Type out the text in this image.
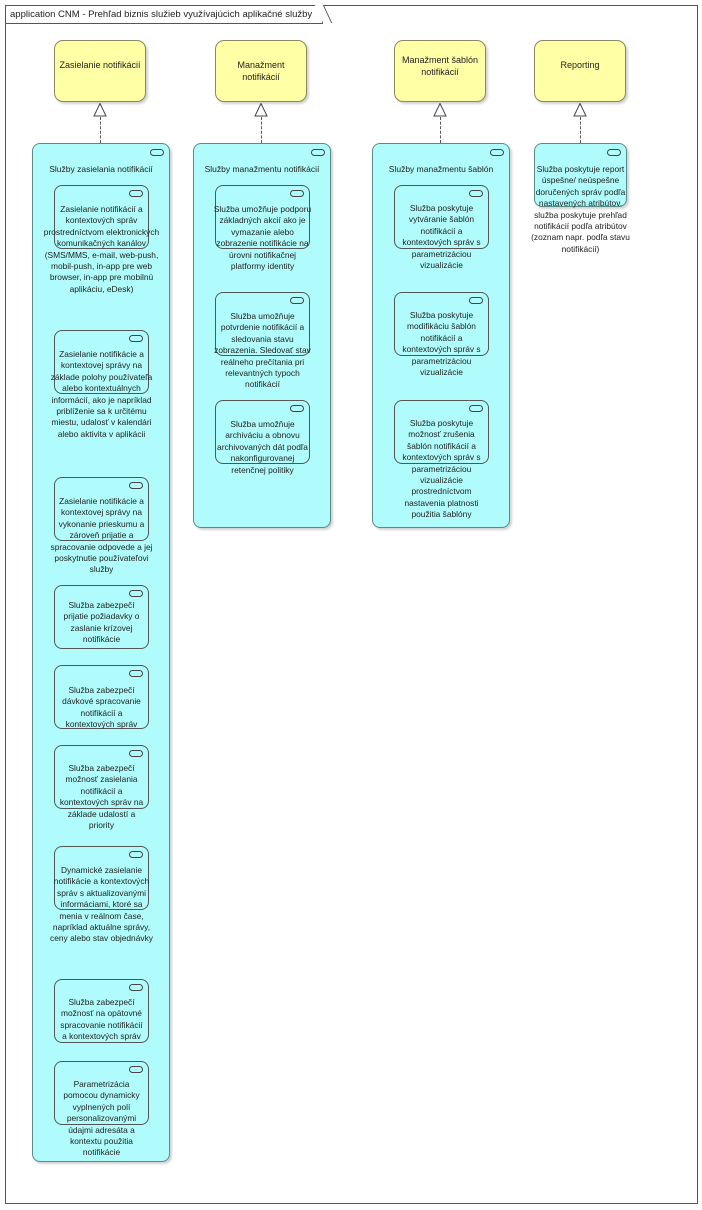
application CNM - Prehľad biznis služieb využívajúcich aplikačné služby
Zasielanie notifikácií	Manažment notifikácií
Manažment šablón notifikácií
Reporting
Služby zasielania notifikácií
Zasielanie notifikácií a kontextových správ prostredníctvom elektronických komunikačných kanálov (SMS/MMS, e-mail, web-push, mobil-push, in-app pre web browser, in-app pre mobilnú aplikáciu, eDesk)
Zasielanie notifikácie a kontextovej správy na základe polohy používateľa alebo kontextuálnych informácií, ako je napríklad priblíženie sa k určitému miestu, udalosť v kalendári alebo aktivita v aplikácii
Zasielanie notifikácie a kontextovej správy na vykonanie prieskumu a zároveň prijatie a spracovanie odpovede a jej poskytnutie používateľovi služby
Služba zabezpečí prijatie požiadavky o zaslanie krízovej notifikácie
Služba zabezpečí dávkové spracovanie notifikácií a kontextových správ
Služba zabezpečí možnosť zasielania notifikácií a kontextových správ na základe udalostí a priority
Dynamické zasielanie notifikácie a kontextových správ s aktualizovanými informáciami, ktoré sa menia v reálnom čase, napríklad aktuálne správy, ceny alebo stav objednávky
Služba zabezpečí možnosť na opätovné spracovanie notifikácií a kontextových správ
Parametrizácia pomocou dynamicky vyplnených polí personalizovanými údajmi adresáta a kontextu použitia notifikácie
Služby manažmentu notifikácií
Služba umožňuje podporu základných akcií ako je vymazanie alebo zobrazenie notifikácie na úrovni notifikačnej platformy identity
Služba umožňuje potvrdenie notifikácií a sledovania stavu zobrazenia. Sledovať stav reálneho prečítania pri relevantných typoch notifikácií
Služba umožňuje archiváciu a obnovu archivovaných dát podľa nakonfigurovanej retenčnej politiky
Služby manažmentu šablón
Služba poskytuje vytváranie šablón notifikácií a kontextových správ s parametrizáciou vizualizácie
Služba poskytuje modifikáciu šablón notifikácií a kontextových správ s parametrizáciou vizualizácie
Služba poskytuje možnosť zrušenia šablón notifikácií a kontextových správ s parametrizáciou vizualizácie prostredníctvom nastavenia platnosti použitia šablóny
Služba poskytuje report úspešne/ neúspešne doručených správ podľa nastavených atribútov. služba poskytuje prehľad notifikácií podľa atribútov (zoznam napr. podľa stavu notifikácií)
